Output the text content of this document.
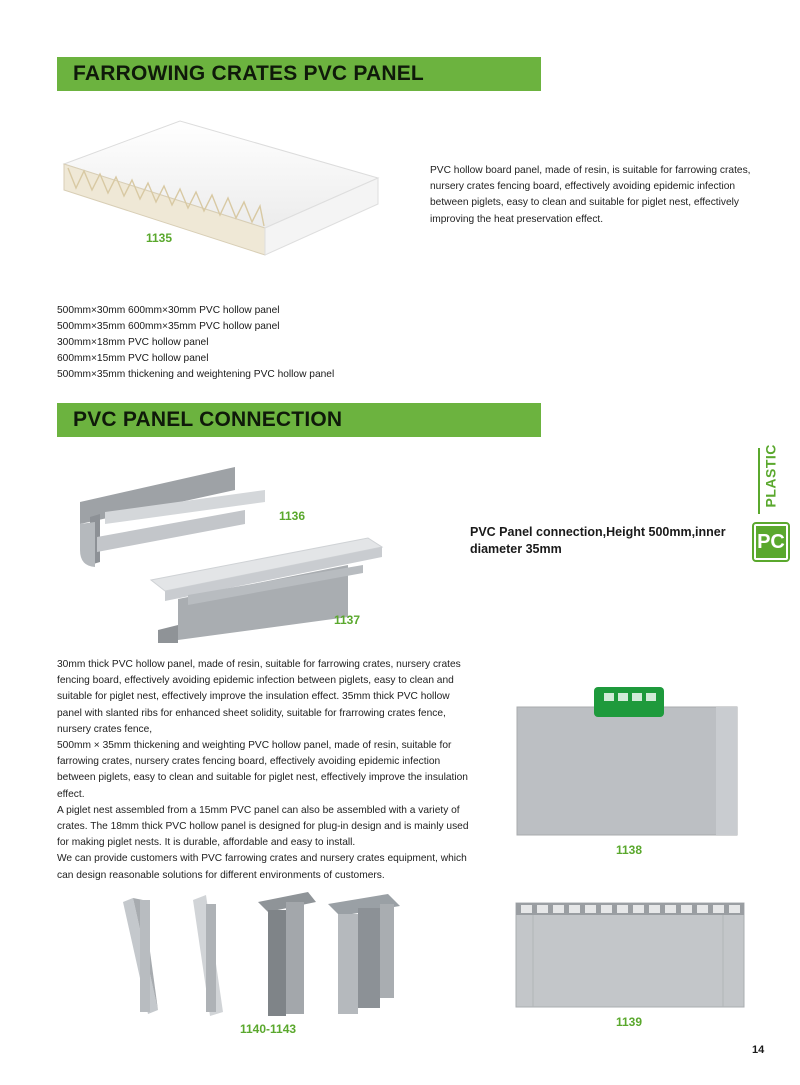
FARROWING CRATES PVC PANEL
1135
PVC hollow board panel, made of resin, is suitable for farrowing crates, nursery crates fencing board, effectively avoiding epidemic infection between piglets, easy to clean and suitable for piglet nest, effectively improving the heat preservation effect.
500mm×30mm 600mm×30mm PVC hollow panel
500mm×35mm 600mm×35mm PVC hollow panel
300mm×18mm PVC hollow panel
600mm×15mm PVC hollow panel
500mm×35mm thickening and weightening PVC hollow panel
PVC PANEL CONNECTION
1136
1137
PVC Panel connection,Height 500mm,inner diameter 35mm
PLASTIC
PC
30mm thick PVC hollow panel, made of resin, suitable for farrowing crates, nursery crates fencing board, effectively avoiding epidemic infection between piglets, easy to clean and suitable for piglet nest, effectively improve the insulation effect. 35mm thick PVC hollow panel with slanted ribs for enhanced sheet solidity, suitable for frarrowing crates fence, nursery crates fence,
500mm × 35mm thickening and weighting PVC hollow panel, made of resin, suitable for farrowing crates, nursery crates fencing board, effectively avoiding epidemic infection between piglets, easy to clean and suitable for piglet nest, effectively improve the insulation effect.
A piglet nest assembled from a 15mm PVC panel can also be assembled with a variety of crates. The 18mm thick PVC hollow panel is designed for plug-in design and is mainly used for making piglet nests. It is durable, affordable and easy to install.
We can provide customers with PVC farrowing crates and nursery crates equipment, which can design reasonable solutions for different environments of customers.
1138
1139
1140-1143
14
